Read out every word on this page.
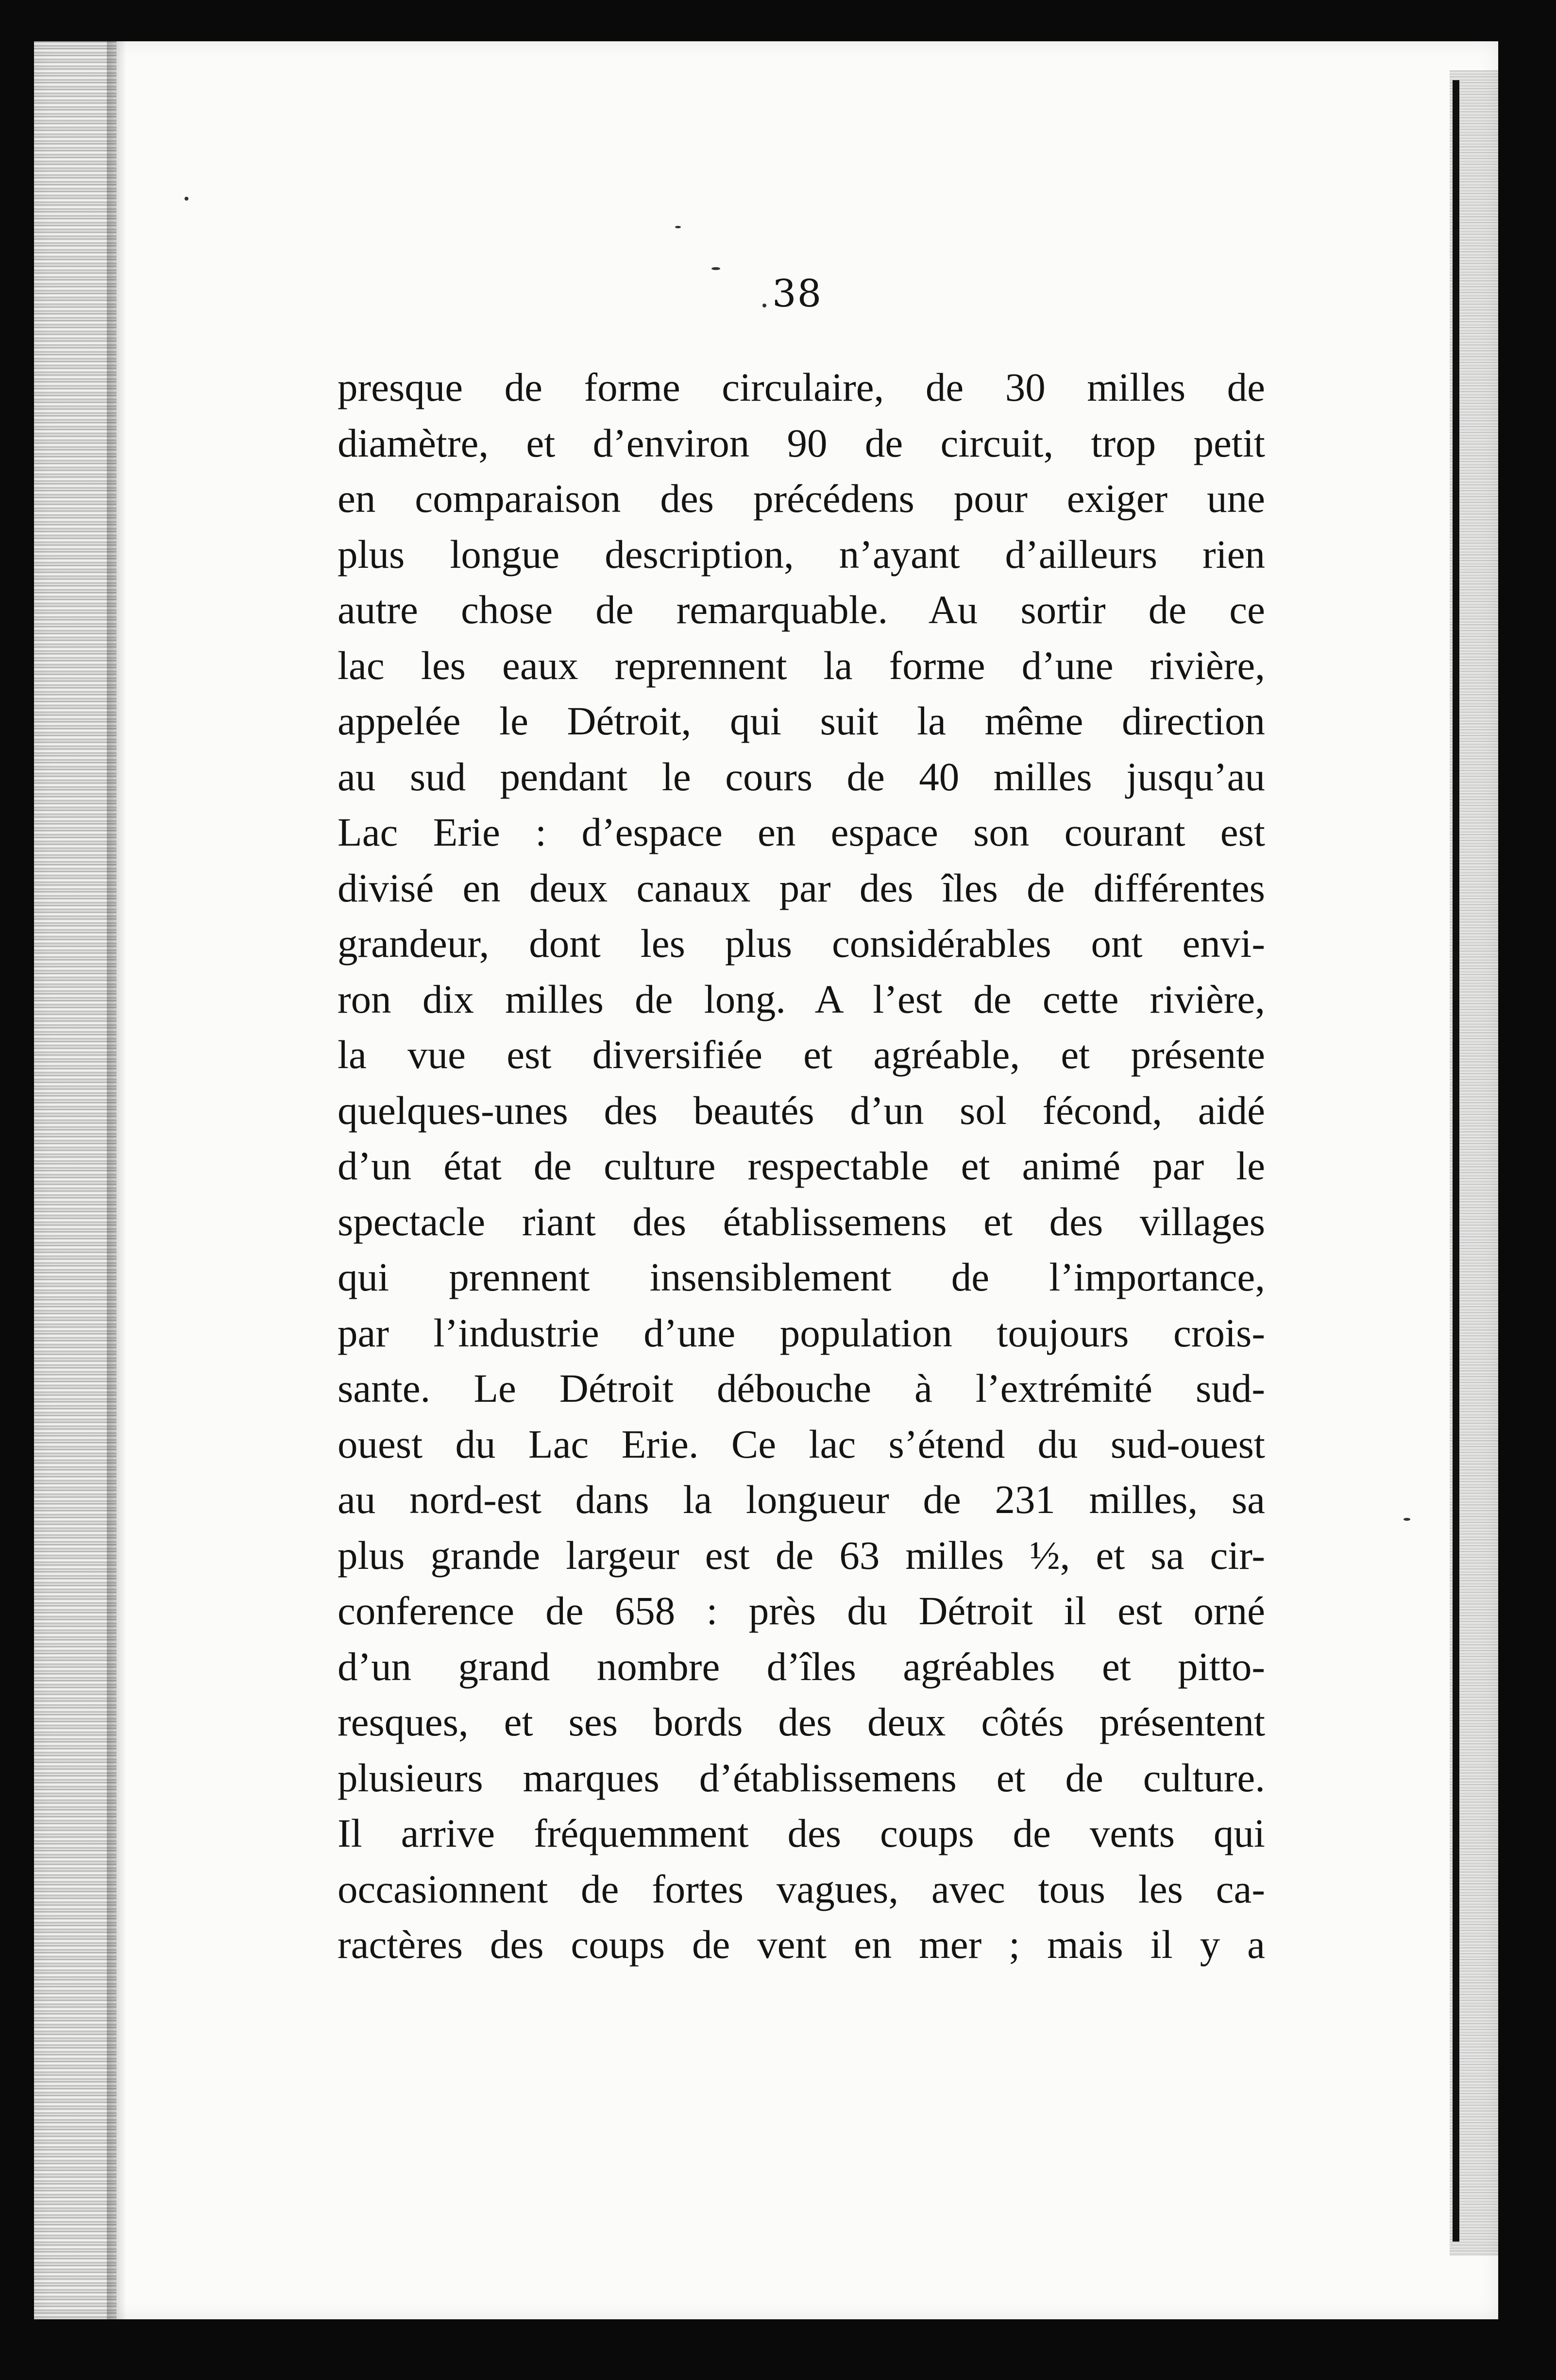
38
presque de forme circulaire, de 30 milles de
diamètre, et d’environ 90 de circuit, trop petit
en comparaison des précédens pour exiger une
plus longue description, n’ayant d’ailleurs rien
autre chose de remarquable. Au sortir de ce
lac les eaux reprennent la forme d’une rivière,
appelée le Détroit, qui suit la même direction
au sud pendant le cours de 40 milles jusqu’au
Lac Erie : d’espace en espace son courant est
divisé en deux canaux par des îles de différentes
grandeur, dont les plus considérables ont envi-
ron dix milles de long. A l’est de cette rivière,
la vue est diversifiée et agréable, et présente
quelques-unes des beautés d’un sol fécond, aidé
d’un état de culture respectable et animé par le
spectacle riant des établissemens et des villages
qui prennent insensiblement de l’importance,
par l’industrie d’une population toujours crois-
sante. Le Détroit débouche à l’extrémité sud-
ouest du Lac Erie. Ce lac s’étend du sud-ouest
au nord-est dans la longueur de 231 milles, sa
plus grande largeur est de 63 milles ½, et sa cir-
conference de 658 : près du Détroit il est orné
d’un grand nombre d’îles agréables et pitto-
resques, et ses bords des deux côtés présentent
plusieurs marques d’établissemens et de culture.
Il arrive fréquemment des coups de vents qui
occasionnent de fortes vagues, avec tous les ca-
ractères des coups de vent en mer ; mais il y a
